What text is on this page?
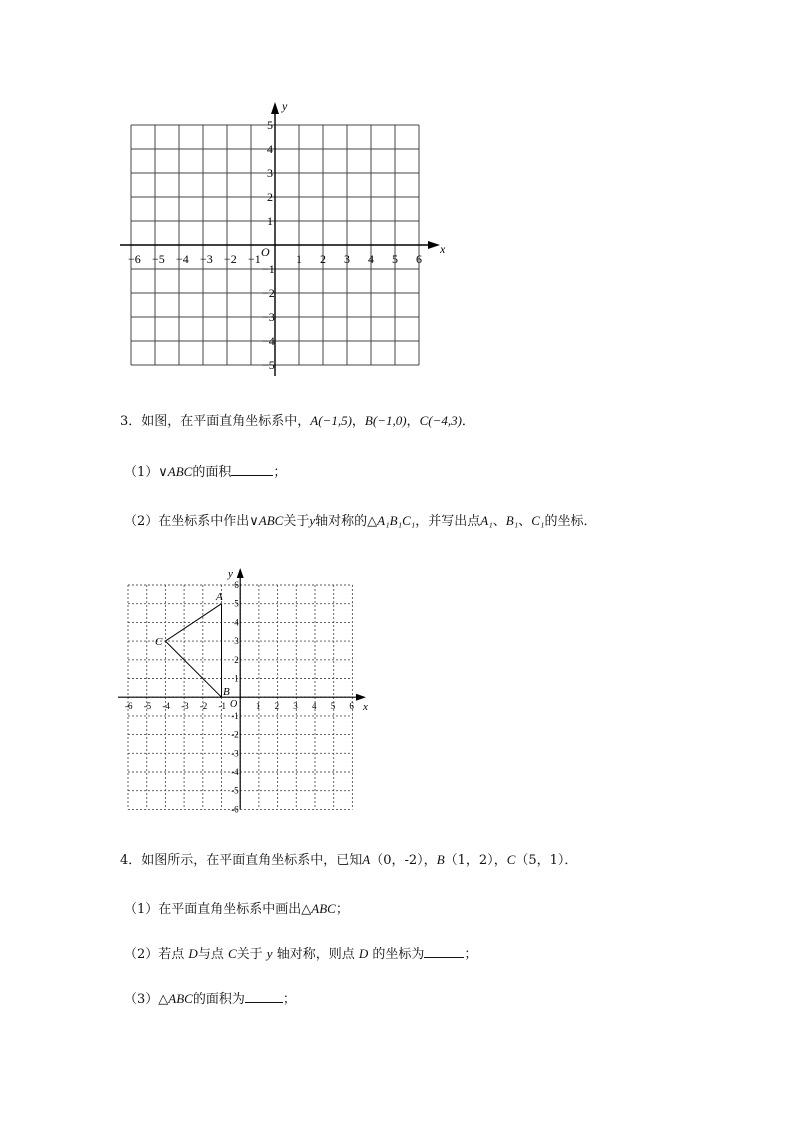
−6 −5 −4 −3 −2 −1	1 2 3 4 5 6
5
4
3
2
1
−1
−2
−3
−4
−5
O	x
y
3．如图，在平面直角坐标系中，A(−1,5)，B(−1,0)，C(−4,3)．
（1）∨ABC的面积	；
（2）在坐标系中作出∨ABC关于y轴对称的△A₁B₁C₁，并写出点A₁、B₁、C₁的坐标．
-6 -5 -4 -3 -2 -1	1 2 3 4 5 6
6
5
4
3
2
1
-1
-2
-3
-4
-5
-6
O	x
y
A
B
C
4．如图所示，在平面直角坐标系中，已知A（0，-2），B（1，2），C（5，1）．
（1）在平面直角坐标系中画出△ABC；
（2）若点 D与点 C关于 y 轴对称，则点 D 的坐标为	；
（3）△ABC的面积为	；
